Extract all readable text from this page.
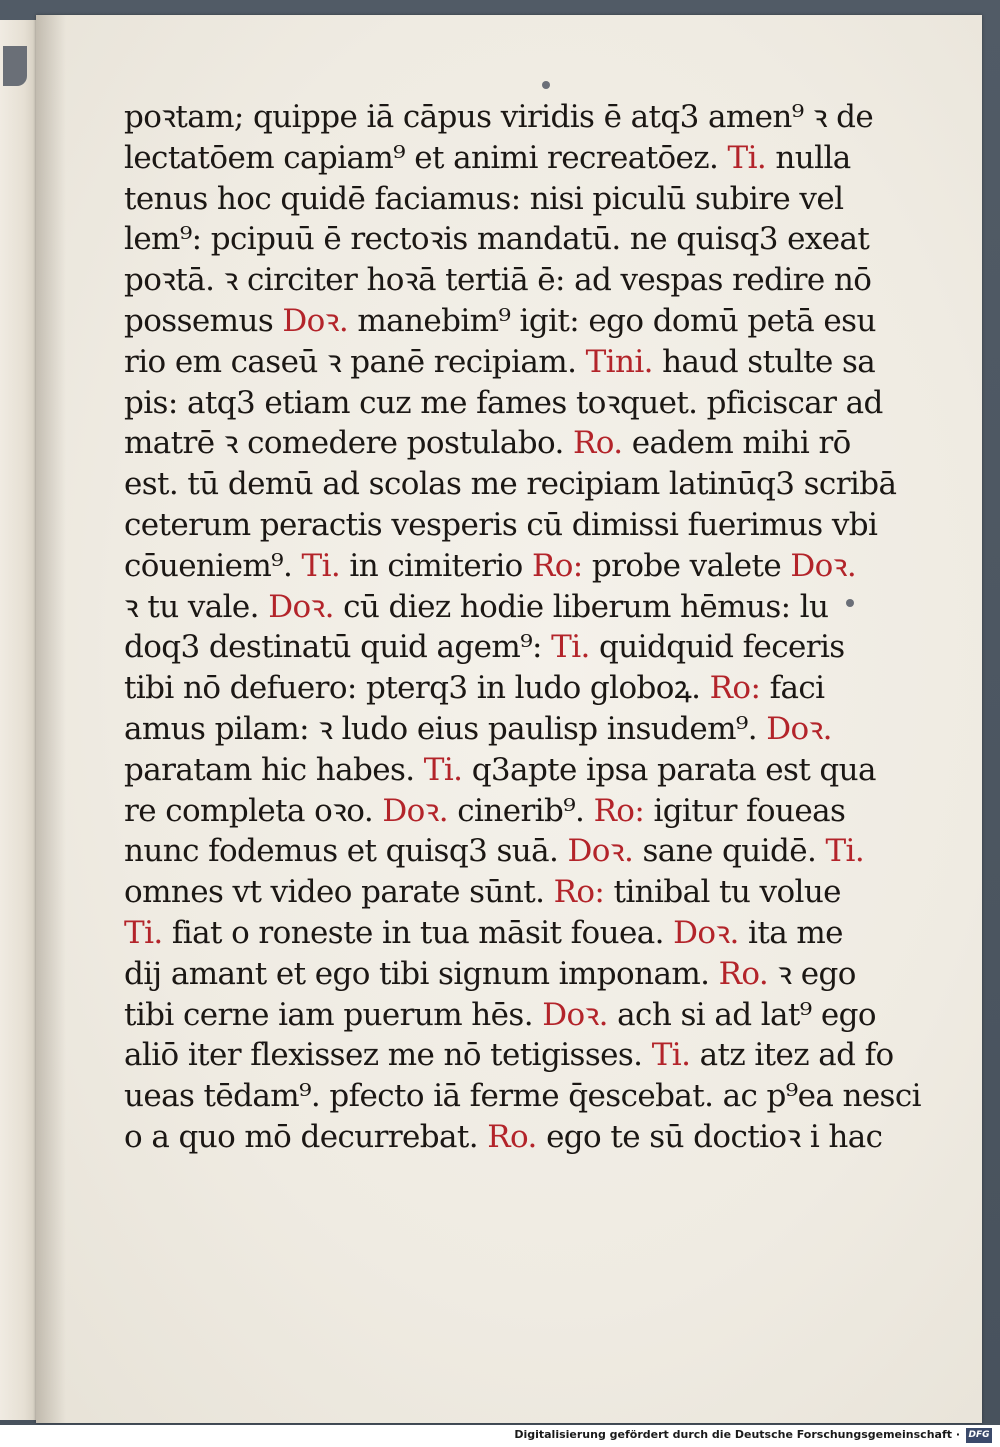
poꝛtam; quippe iā cāpus viridis ē atq3 amen⁹ ꝛ de
lectatōem capiam⁹ et animi recreatōez. Ti. nulla
tenus hoc quidē faciamus: nisi piculū subire vel
lem⁹: pcipuū ē rectoꝛis mandatū. ne quisq3 exeat
poꝛtā. ꝛ circiter hoꝛā tertiā ē: ad vespas redire nō
possemus Doꝛ. manebim⁹ igit: ego domū petā esu
rio em caseū ꝛ panē recipiam. Tini. haud stulte sa
pis: atq3 etiam cuz me fames toꝛquet. pficiscar ad
matrē ꝛ comedere postulabo. Ro. eadem mihi rō
est. tū demū ad scolas me recipiam latinūq3 scribā
ceterum peractis vesperis cū dimissi fuerimus vbi
cōueniem⁹. Ti. in cimiterio Ro: probe valete Doꝛ.
ꝛ tu vale. Doꝛ. cū diez hodie liberum hēmus: lu
doq3 destinatū quid agem⁹: Ti. quidquid feceris
tibi nō defuero: pterq3 in ludo globoꝝ. Ro: faci
amus pilam: ꝛ ludo eius paulisp insudem⁹. Doꝛ.
paratam hic habes. Ti. q3apte ipsa parata est qua
re completa oꝛo. Doꝛ. cinerib⁹. Ro: igitur foueas
nunc fodemus et quisq3 suā. Doꝛ. sane quidē. Ti.
omnes vt video parate sūnt. Ro: tinibal tu volue
Ti. fiat o roneste in tua māsit fouea. Doꝛ. ita me
dij amant et ego tibi signum imponam. Ro. ꝛ ego
tibi cerne iam puerum hēs. Doꝛ. ach si ad lat⁹ ego
aliō iter flexissez me nō tetigisses. Ti. atz itez ad fo
ueas tēdam⁹. pfecto iā ferme q̄escebat. ac p⁹ea nesci
o a quo mō decurrebat. Ro. ego te sū doctioꝛ i hac
Digitalisierung gefördert durch die Deutsche Forschungsgemeinschaft · DFG
